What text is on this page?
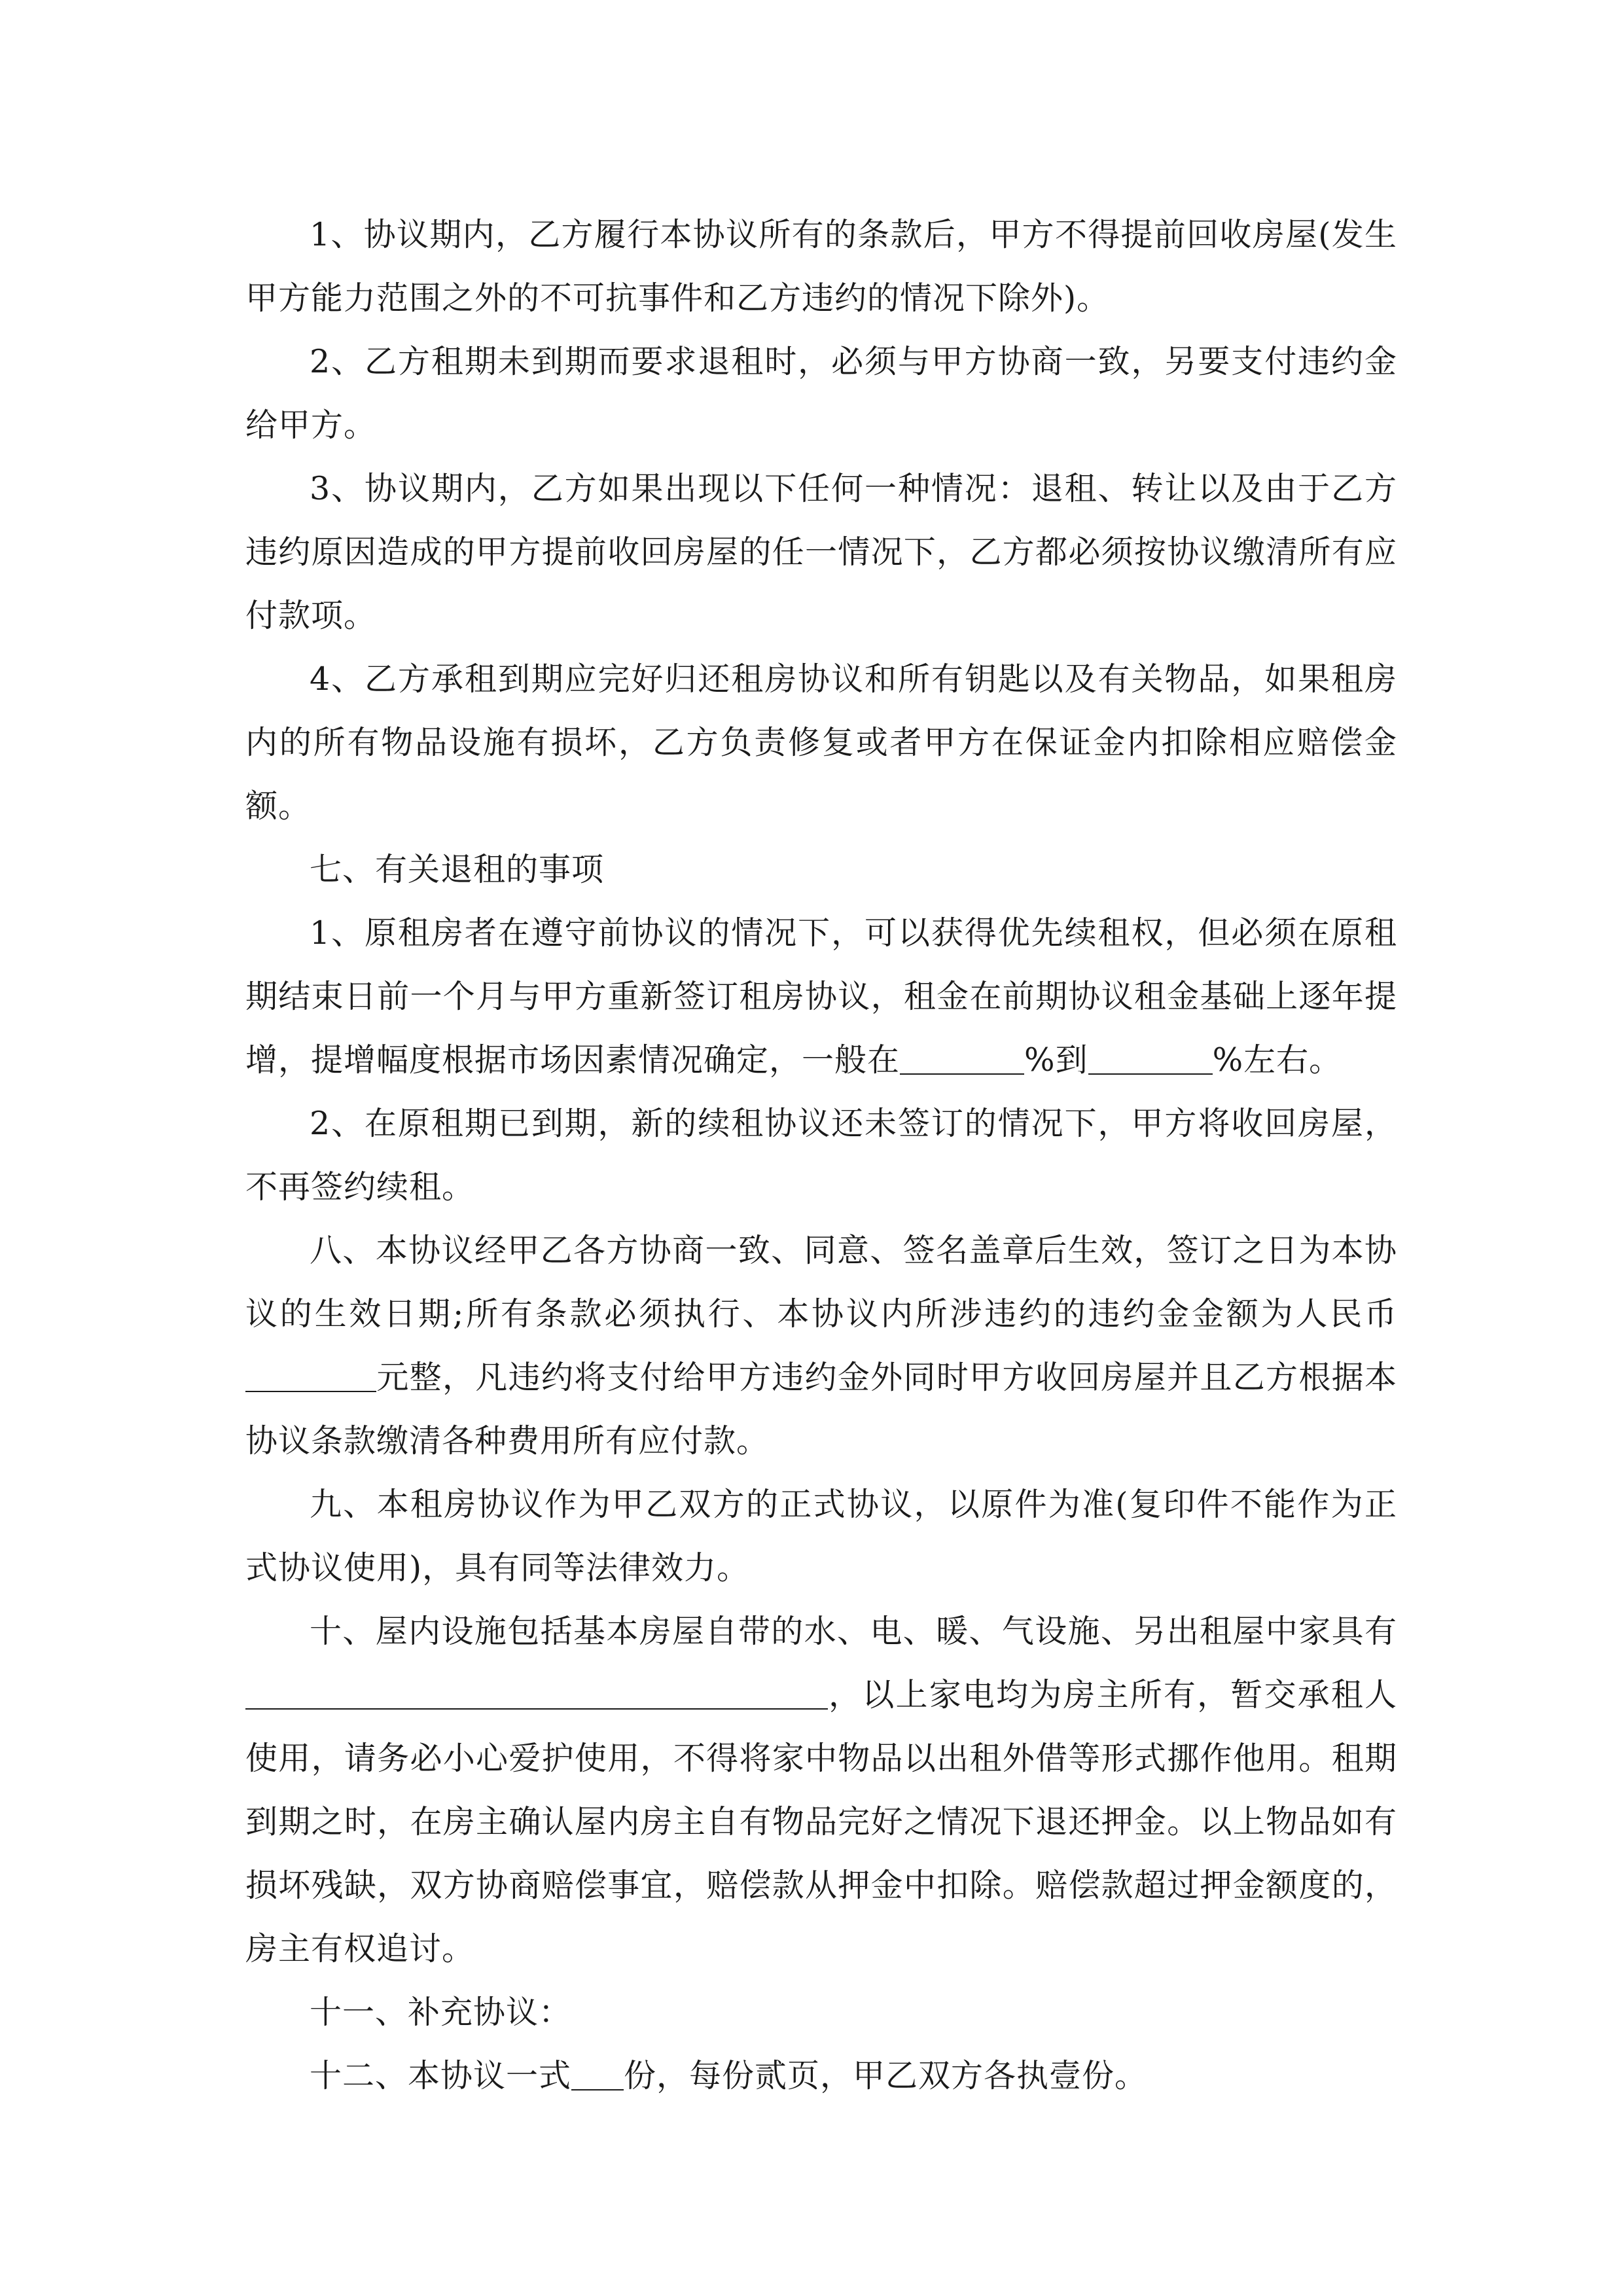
1、协议期内，乙方履行本协议所有的条款后，甲方不得提前回收房屋(发生甲方能力范围之外的不可抗事件和乙方违约的情况下除外)。

2、乙方租期未到期而要求退租时，必须与甲方协商一致，另要支付违约金给甲方。

3、协议期内，乙方如果出现以下任何一种情况：退租、转让以及由于乙方违约原因造成的甲方提前收回房屋的任一情况下，乙方都必须按协议缴清所有应付款项。

4、乙方承租到期应完好归还租房协议和所有钥匙以及有关物品，如果租房内的所有物品设施有损坏，乙方负责修复或者甲方在保证金内扣除相应赔偿金额。

七、有关退租的事项

1、原租房者在遵守前协议的情况下，可以获得优先续租权，但必须在原租期结束日前一个月与甲方重新签订租房协议，租金在前期协议租金基础上逐年提增，提增幅度根据市场因素情况确定，一般在	%到	%左右。

2、在原租期已到期，新的续租协议还未签订的情况下，甲方将收回房屋，不再签约续租。

八、本协议经甲乙各方协商一致、同意、签名盖章后生效，签订之日为本协议的生效日期;所有条款必须执行、本协议内所涉违约的违约金金额为人民币元整，凡违约将支付给甲方违约金外同时甲方收回房屋并且乙方根据本协议条款缴清各种费用所有应付款。

九、本租房协议作为甲乙双方的正式协议，以原件为准(复印件不能作为正式协议使用)，具有同等法律效力。

十、屋内设施包括基本房屋自带的水、电、暖、气设施、另出租屋中家具有，以上家电均为房主所有，暂交承租人使用，请务必小心爱护使用，不得将家中物品以出租外借等形式挪作他用。租期到期之时，在房主确认屋内房主自有物品完好之情况下退还押金。以上物品如有损坏残缺，双方协商赔偿事宜，赔偿款从押金中扣除。赔偿款超过押金额度的，房主有权追讨。

十一、补充协议：

十二、本协议一式 份，每份贰页，甲乙双方各执壹份。
